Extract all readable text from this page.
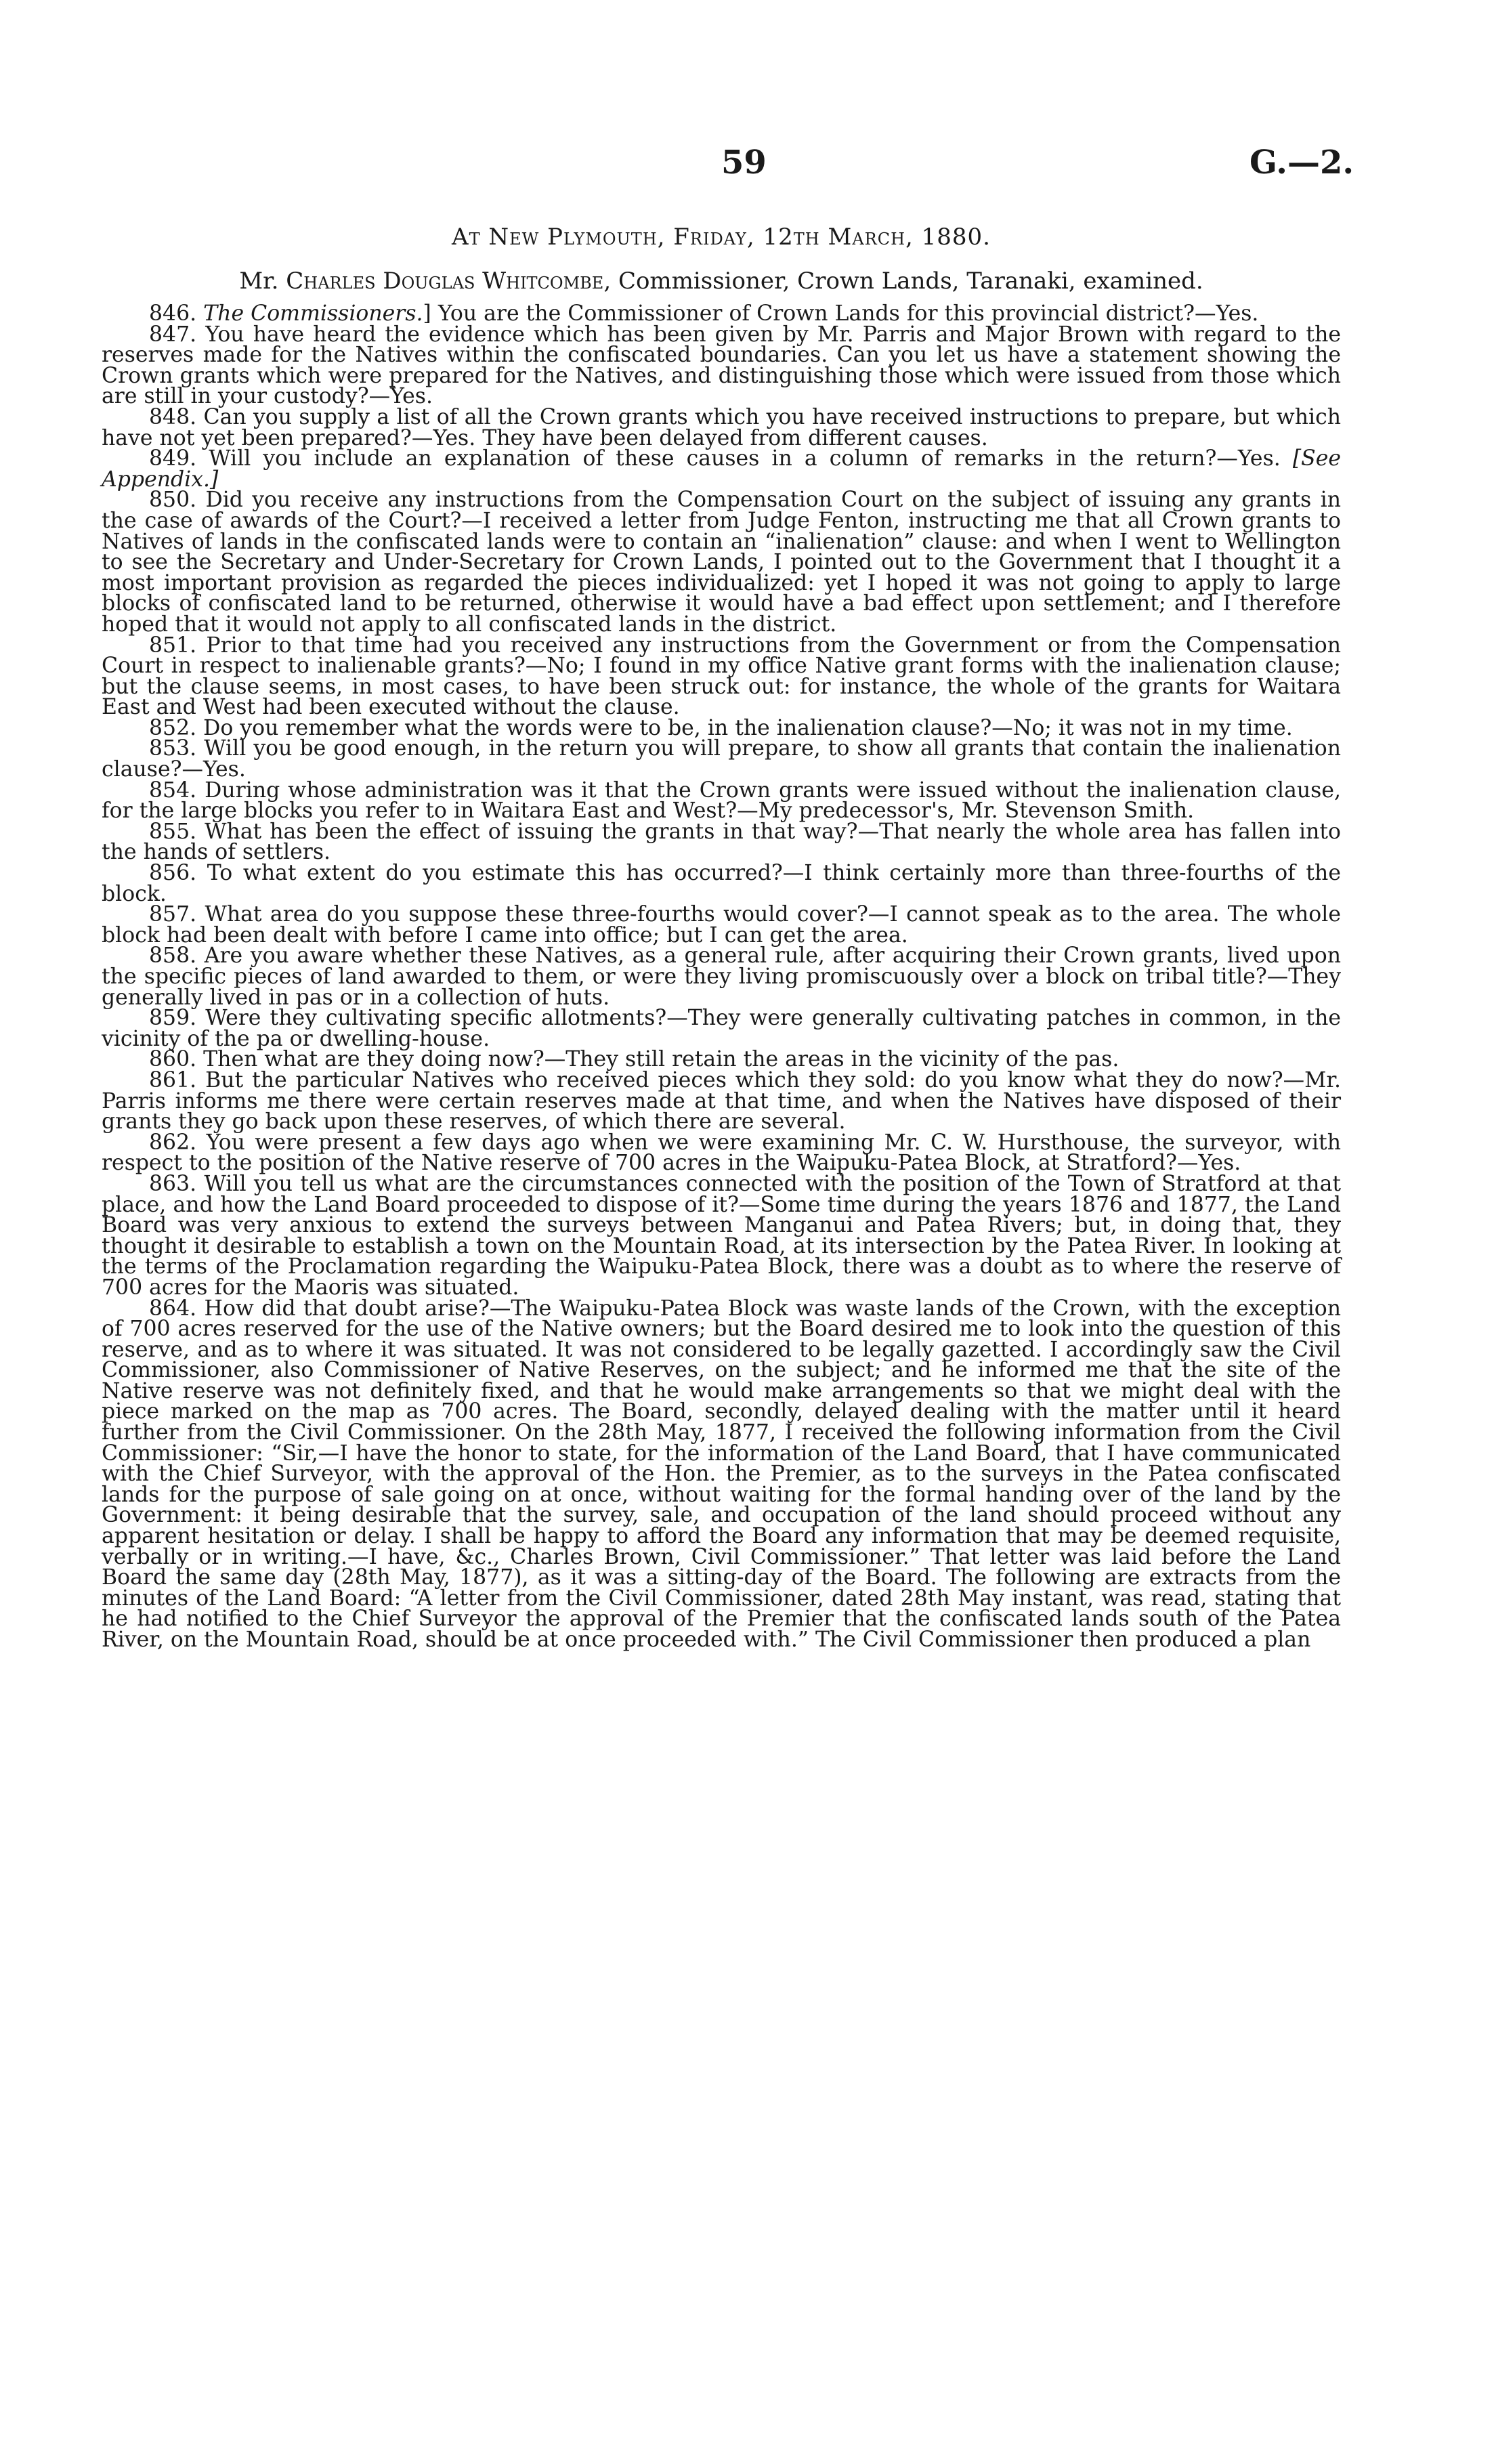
59	G.—2.
At New Plymouth, Friday, 12th March, 1880.
Mr. Charles Douglas Whitcombe, Commissioner, Crown Lands, Taranaki, examined.

846. The Commissioners.] You are the Commissioner of Crown Lands for this provincial district?—Yes.

847. You have heard the evidence which has been given by Mr. Parris and Major Brown with regard to the reserves made for the Natives within the confiscated boundaries. Can you let us have a statement showing the Crown grants which were prepared for the Natives, and distinguishing those which were issued from those which are still in your custody?—Yes.

848. Can you supply a list of all the Crown grants which you have received instructions to prepare, but which have not yet been prepared?—Yes. They have been delayed from different causes.

849. Will you include an explanation of these causes in a column of remarks in the return?—Yes. [See Appendix.]

850. Did you receive any instructions from the Compensation Court on the subject of issuing any grants in the case of awards of the Court?—I received a letter from Judge Fenton, instructing me that all Crown grants to Natives of lands in the confiscated lands were to contain an “inalienation” clause: and when I went to Wellington to see the Secretary and Under-Secretary for Crown Lands, I pointed out to the Government that I thought it a most important provision as regarded the pieces individualized: yet I hoped it was not going to apply to large blocks of confiscated land to be returned, otherwise it would have a bad effect upon settlement; and I therefore hoped that it would not apply to all confiscated lands in the district.

851. Prior to that time had you received any instructions from the Government or from the Compensation Court in respect to inalienable grants?—No; I found in my office Native grant forms with the inalienation clause; but the clause seems, in most cases, to have been struck out: for instance, the whole of the grants for Waitara East and West had been executed without the clause.

852. Do you remember what the words were to be, in the inalienation clause?—No; it was not in my time.

853. Will you be good enough, in the return you will prepare, to show all grants that contain the inalienation clause?—Yes.

854. During whose administration was it that the Crown grants were issued without the inalienation clause, for the large blocks you refer to in Waitara East and West?—My predecessor's, Mr. Stevenson Smith.

855. What has been the effect of issuing the grants in that way?—That nearly the whole area has fallen into the hands of settlers.

856. To what extent do you estimate this has occurred?—I think certainly more than three-fourths of the block.

857. What area do you suppose these three-fourths would cover?—I cannot speak as to the area. The whole block had been dealt with before I came into office; but I can get the area.

858. Are you aware whether these Natives, as a general rule, after acquiring their Crown grants, lived upon the specific pieces of land awarded to them, or were they living promiscuously over a block on tribal title?—They generally lived in pas or in a collection of huts.

859. Were they cultivating specific allotments?—They were generally cultivating patches in common, in the vicinity of the pa or dwelling-house.

860. Then what are they doing now?—They still retain the areas in the vicinity of the pas.

861. But the particular Natives who received pieces which they sold: do you know what they do now?—Mr. Parris informs me there were certain reserves made at that time, and when the Natives have disposed of their grants they go back upon these reserves, of which there are several.

862. You were present a few days ago when we were examining Mr. C. W. Hursthouse, the surveyor, with respect to the position of the Native reserve of 700 acres in the Waipuku-Patea Block, at Stratford?—Yes.

863. Will you tell us what are the circumstances connected with the position of the Town of Stratford at that place, and how the Land Board proceeded to dispose of it?—Some time during the years 1876 and 1877, the Land Board was very anxious to extend the surveys between Manganui and Patea Rivers; but, in doing that, they thought it desirable to establish a town on the Mountain Road, at its intersection by the Patea River. In looking at the terms of the Proclamation regarding the Waipuku-Patea Block, there was a doubt as to where the reserve of 700 acres for the Maoris was situated.

864. How did that doubt arise?—The Waipuku-Patea Block was waste lands of the Crown, with the exception of 700 acres reserved for the use of the Native owners; but the Board desired me to look into the question of this reserve, and as to where it was situated. It was not considered to be legally gazetted. I accordingly saw the Civil Commissioner, also Commissioner of Native Reserves, on the subject; and he informed me that the site of the Native reserve was not definitely fixed, and that he would make arrangements so that we might deal with the piece marked on the map as 700 acres. The Board, secondly, delayed dealing with the matter until it heard further from the Civil Commissioner. On the 28th May, 1877, I received the following information from the Civil Commissioner: “Sir,—I have the honor to state, for the information of the Land Board, that I have communicated with the Chief Surveyor, with the approval of the Hon. the Premier, as to the surveys in the Patea confiscated lands for the purpose of sale going on at once, without waiting for the formal handing over of the land by the Government: it being desirable that the survey, sale, and occupation of the land should proceed without any apparent hesitation or delay. I shall be happy to afford the Board any information that may be deemed requisite, verbally or in writing.—I have, &c., Charles Brown, Civil Commissioner.” That letter was laid before the Land Board the same day (28th May, 1877), as it was a sitting-day of the Board. The following are extracts from the minutes of the Land Board: “A letter from the Civil Commissioner, dated 28th May instant, was read, stating that he had notified to the Chief Surveyor the approval of the Premier that the confiscated lands south of the Patea River, on the Mountain Road, should be at once proceeded with.” The Civil Commissioner then produced a plan
